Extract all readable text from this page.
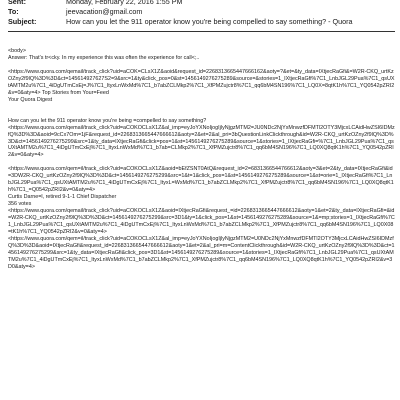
Sent:	Monday, February 22, 2016 1:55 PM
To:	jeevacation@gmail.com
Subject:	How can you let the 911 operator know you're being compelled to say something? - Quora
<body>
Answer: That's tr<cky. In my experience this was often the experience for call<;..
<https://www.quora.com/qemail/track_click?uid=aCOK=CLsX1Z&aoid&request_id=2268313665447666162&aoty=?&et=&ty_data=IXtjecRaGfi&=W2R-CKQ_urtKzOZny2f9lQ%3D%3D&ct=145614927627S2=9&src=1&ty&click_pos=0&st=1456149276275289&source=&stories=1_IXtjecRaGfi%7C1_LnbJGL29Pua%7C1_qsUXtAMTM2u%7C1_4iDgUTmCxEj=J%7C1_ItyxLnWxMd%7C1_b7abZCLMkp2%7C1_XfPMZujctr8%7C1_qq6bM4SN196%7C1_LQ0X=8qtK1h%7C1_YQ0542pZRI2&v=0&aty=4> Top Stories from Your=Feed
Your Quora Digest
How can you let the 911 operator know you're being =compelled to say something?
<https://www.quora.com/qemail/track_click?uid=aCOKOCLsX1Z&al_imp=eyJoYXNoIjogIjlyNjgzMTM2=JU0NDc2NjYxMnwzfDFMTl2OTY3MjcxLCAidHwZSI6IDMzfQ%3D%3D&aoid=9cCx7Om=1jF&request_id=2268313665447666612&aoty=2&et=2&al_pri=3bQuestionLinkClickthrough&id=W2R-CKQ_urtKzOZny2f9lQ%3D%3D&ct=1456149276275299&src=1&ty_data=IXtjecRaGfi&click=pos=1&st=1456149276275289&source=1&stories=1_IXtjecRaGfi=%7C1_LnbJGL29Pua%7C1_qsUXtAMTM2u%7C1_4iDgUTmCxEj%7C1_ItyxLnWxMd%7C1_b7ab=CLMkp2%7C1_XfPMZujctr8%7C1_qq6bM4SN196%7C1_LQ0XQ8qtK1h%7C1_YQ0542pZRI2&v=0&aty=4>
<https://www.quora.com/qem=il/track_click?uid=aCOKOCLsX1Z&aoid=bEfZSNT0AtQ&request_id=2=6831366544766612&aoty=3&et=2&ty_data=IXtjecRaGfi&id=3DW2R-CKQ_urtKzOZny2f9lQ%3D%3D&ct=1456149276275299&src=1&t=1&click_pos=1&st=1456149276275289&source=1&st=orie=1_IXtjecRaGfi%7C1_LnbJGL29Pua%7C1_qsUXtAMTM2u%7C1_4iDgUTmCxEj%7C1_ItyxL=WxMd%7C1_b7abZCLMkp2%7C1_XfPMZujctr8%7C1_qq6bM4SN196%7C1_LQ0XQ8qtK1h%7C1_=Q0542pZRI2&v=0&aty=4>
Curtis Darne=l, retired 9-1-1 Chief Dispatcher
356 votes
<https://www.quora.com/qemail/track_click?uid=aCOKOCLsX1Z&aoid=IXtjecRaGfi&request_=id=2268313665447666612&aoty=1&et=2&ty_data=IXtjecRaGfi=&id=W2R-CKQ_urtKzOZny2f9lQ%3D%3D&ct=1456149276275299&src=3D1&ty=1&click_pos=1&st=1456149276275289&source=1&=mp;stories=1_IXtjecRaGfi%7C1_LnbJGL29Pua%7C1_qsUXtAMTM2u%7C1_4iDgUTmCxEj%7C1_ItyxLnWxMd%7C1_b7abZCLMkp2%7C1_XfPMZujctr8%7C1_qq6bM4SN196%7C1_LQ0X08=tK1h%7C1_YQ0542pZRI2&v=0&aty=4>
<https://www.quora.com/qem=il/track_click?uid=aCOKOCLsX1Z&al_imp=eyJoYXNoIjogIjlyNjgzMTM2=U0NDc2NjYxMnwzfDFMTl2OTY3MjcxLCAidHwZSI6IDMzfQ%3D%3D&aoid=IXtjecRaGfi&request_id=2268313665447666612&aoty=1&et=2&al_pri=m=ContentClickthrough&id=W2R-CKQ_urtKzOZny2f9lQ%3D%3D&ct=1456149276275299&src=1&ty_data=IXtjecRaGfi&click_pos=3D1&st=1456149276275289&source=1&stories=1_IXtjecRaGfi%7C1_LnbJGL29Pua%7C1_qsUXtAMTM2u%7C1_4iDgUTmCxEj%7C1_ItyxLnWxMd%7C1_b7abZCLMkp2%7C1_XfPMZujctr8%7C1_qq6bM4SN196%7C1_LQ0XQ8qtK1h%7C1_YQ0542pZRI2&v=3D0&aty=4>
